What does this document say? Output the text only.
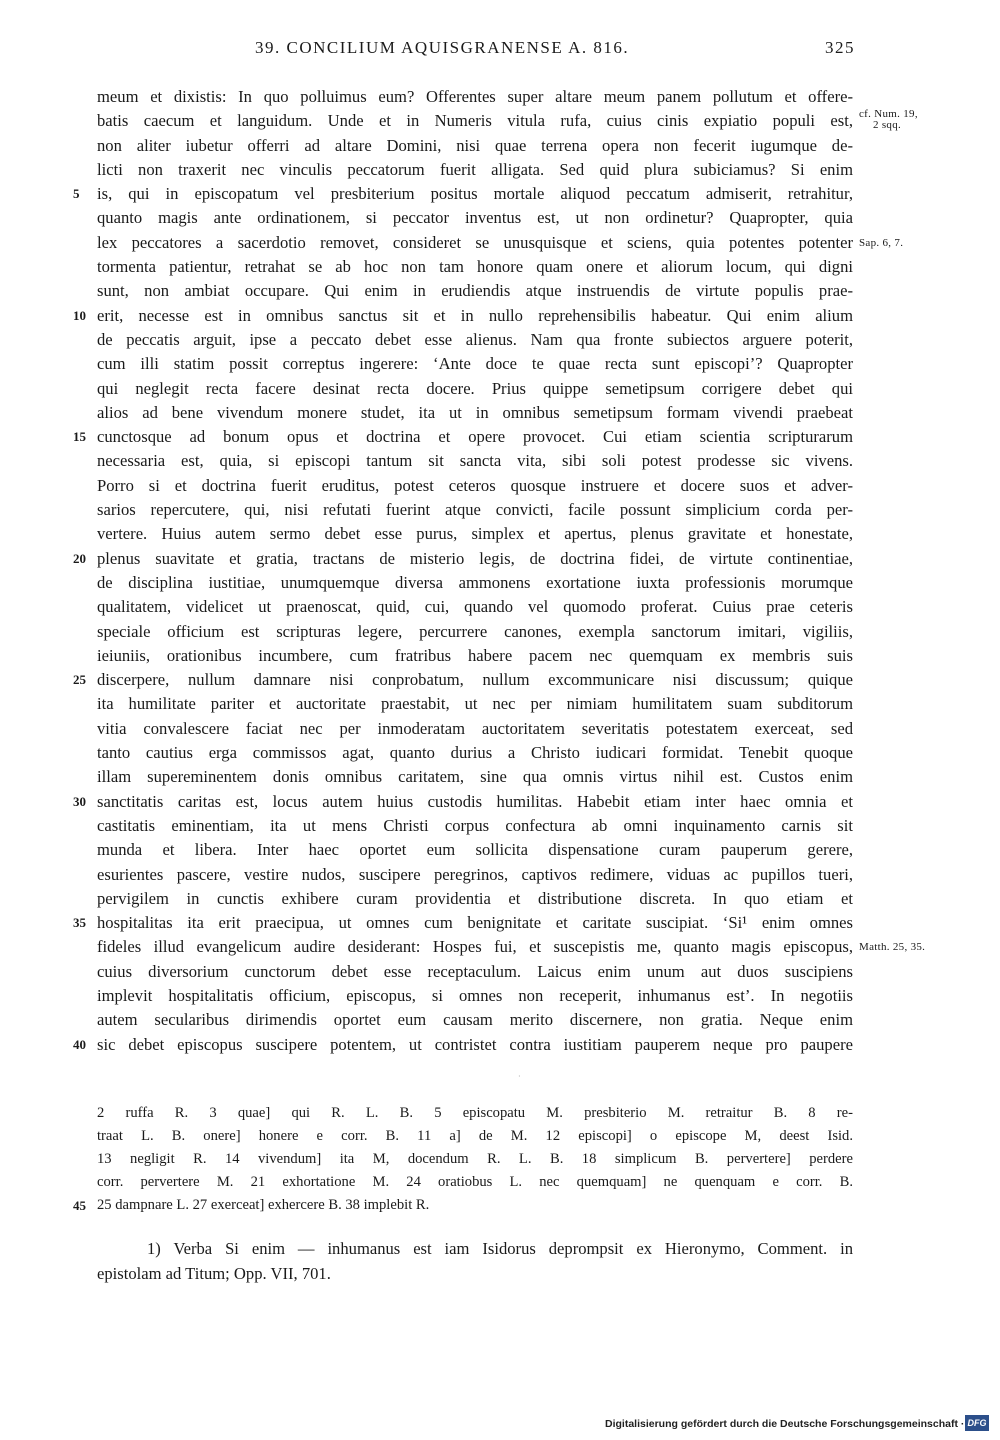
39. CONCILIUM AQUISGRANENSE A. 816.	325
meum et dixistis: In quo polluimus eum? Offerentes super altare meum panem pollutum et offere-
batis caecum et languidum. Unde et in Numeris vitula rufa, cuius cinis expiatio populi est, cf. Num. 19,
2 sqq.
non aliter iubetur offerri ad altare Domini, nisi quae terrena opera non fecerit iugumque de-
licti non traxerit nec vinculis peccatorum fuerit alligata. Sed quid plura subiciamus? Si enim
5	is, qui in episcopatum vel presbiterium positus mortale aliquod peccatum admiserit, retrahitur,
quanto magis ante ordinationem, si peccator inventus est, ut non ordinetur? Quapropter, quia
lex peccatores a sacerdotio removet, consideret se unusquisque et sciens, quia potentes potenter Sap. 6, 7.
tormenta patientur, retrahat se ab hoc non tam honore quam onere et aliorum locum, qui digni
sunt, non ambiat occupare. Qui enim in erudiendis atque instruendis de virtute populis prae-
10 erit, necesse est in omnibus sanctus sit et in nullo reprehensibilis habeatur. Qui enim alium
de peccatis arguit, ipse a peccato debet esse alienus. Nam qua fronte subiectos arguere poterit,
cum illi statim possit correptus ingerere: ‘Ante doce te quae recta sunt episcopi’? Quapropter
qui neglegit recta facere desinat recta docere. Prius quippe semetipsum corrigere debet qui
alios ad bene vivendum monere studet, ita ut in omnibus semetipsum formam vivendi praebeat
15 cunctosque ad bonum opus et doctrina et opere provocet. Cui etiam scientia scripturarum
necessaria est, quia, si episcopi tantum sit sancta vita, sibi soli potest prodesse sic vivens.
Porro si et doctrina fuerit eruditus, potest ceteros quosque instruere et docere suos et adver-
sarios repercutere, qui, nisi refutati fuerint atque convicti, facile possunt simplicium corda per-
vertere. Huius autem sermo debet esse purus, simplex et apertus, plenus gravitate et honestate,
20 plenus suavitate et gratia, tractans de misterio legis, de doctrina fidei, de virtute continentiae,
de disciplina iustitiae, unumquemque diversa ammonens exortatione iuxta professionis morumque
qualitatem, videlicet ut praenoscat, quid, cui, quando vel quomodo proferat. Cuius prae ceteris
speciale officium est scripturas legere, percurrere canones, exempla sanctorum imitari, vigiliis,
ieiuniis, orationibus incumbere, cum fratribus habere pacem nec quemquam ex membris suis
25 discerpere, nullum damnare nisi conprobatum, nullum excommunicare nisi discussum; quique
ita humilitate pariter et auctoritate praestabit, ut nec per nimiam humilitatem suam subditorum
vitia convalescere faciat nec per inmoderatam auctoritatem severitatis potestatem exerceat, sed
tanto cautius erga commissos agat, quanto durius a Christo iudicari formidat. Tenebit quoque
illam supereminentem donis omnibus caritatem, sine qua omnis virtus nihil est. Custos enim
30 sanctitatis caritas est, locus autem huius custodis humilitas. Habebit etiam inter haec omnia et
castitatis eminentiam, ita ut mens Christi corpus confectura ab omni inquinamento carnis sit
munda et libera. Inter haec oportet eum sollicita dispensatione curam pauperum gerere,
esurientes pascere, vestire nudos, suscipere peregrinos, captivos redimere, viduas ac pupillos tueri,
pervigilem in cunctis exhibere curam providentia et distributione discreta. In quo etiam et
35 hospitalitas ita erit praecipua, ut omnes cum benignitate et caritate suscipiat. ‘Si¹ enim omnes
fideles illud evangelicum audire desiderant: Hospes fui, et suscepistis me, quanto magis episcopus, Matth. 25, 35.
cuius diversorium cunctorum debet esse receptaculum. Laicus enim unum aut duos suscipiens
implevit hospitalitatis officium, episcopus, si omnes non receperit, inhumanus est’. In negotiis
autem secularibus dirimendis oportet eum causam merito discernere, non gratia. Neque enim
40 sic debet episcopus suscipere potentem, ut contristet contra iustitiam pauperem neque pro paupere
2 ruffa R. 3 quae] qui R. L. B. 5 episcopatu M. presbiterio M. retraitur B. 8 re-
traat L. B. onere] honere e corr. B. 11 a] de M. 12 episcopi] o episcope M, deest Isid.
13 negligit R. 14 vivendum] ita M, docendum R. L. B. 18 simplicum B. pervertere] perdere
corr. pervertere M. 21 exhortatione M. 24 oratiobus L. nec quemquam] ne quenquam e corr. B.
45 25 dampnare L. 27 exerceat] exhercere B. 38 implebit R.
1) Verba Si enim — inhumanus est iam Isidorus deprompsit ex Hieronymo, Comment. in
epistolam ad Titum; Opp. VII, 701.
·
Digitalisierung gefördert durch die Deutsche Forschungsgemeinschaft · DFG
